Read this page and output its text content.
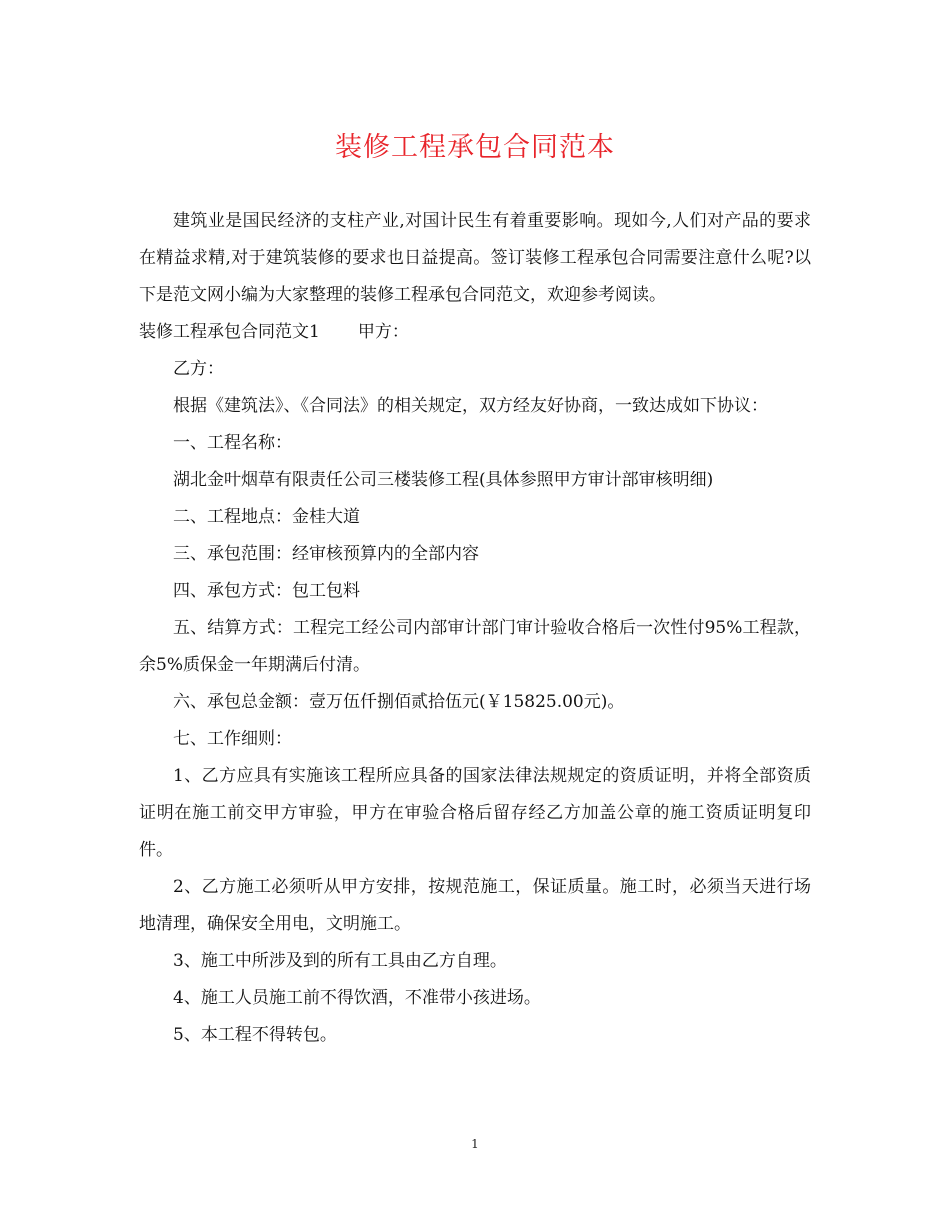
装修工程承包合同范本

建筑业是国民经济的支柱产业,对国计民生有着重要影响。现如今,人们对产品的要求在精益求精,对于建筑装修的要求也日益提高。签订装修工程承包合同需要注意什么呢?以下是范文网小编为大家整理的装修工程承包合同范文，欢迎参考阅读。

装修工程承包合同范文1 甲方：

乙方：

根据《建筑法》、《合同法》的相关规定，双方经友好协商，一致达成如下协议：

一、工程名称：

湖北金叶烟草有限责任公司三楼装修工程(具体参照甲方审计部审核明细)

二、工程地点：金桂大道

三、承包范围：经审核预算内的全部内容

四、承包方式：包工包料

五、结算方式：工程完工经公司内部审计部门审计验收合格后一次性付95%工程款，余5%质保金一年期满后付清。

六、承包总金额：壹万伍仟捌佰贰拾伍元(￥15825.00元)。

七、工作细则：

1、乙方应具有实施该工程所应具备的国家法律法规规定的资质证明，并将全部资质证明在施工前交甲方审验，甲方在审验合格后留存经乙方加盖公章的施工资质证明复印件。

2、乙方施工必须听从甲方安排，按规范施工，保证质量。施工时，必须当天进行场地清理，确保安全用电，文明施工。

3、施工中所涉及到的所有工具由乙方自理。

4、施工人员施工前不得饮酒，不准带小孩进场。

5、本工程不得转包。

1
